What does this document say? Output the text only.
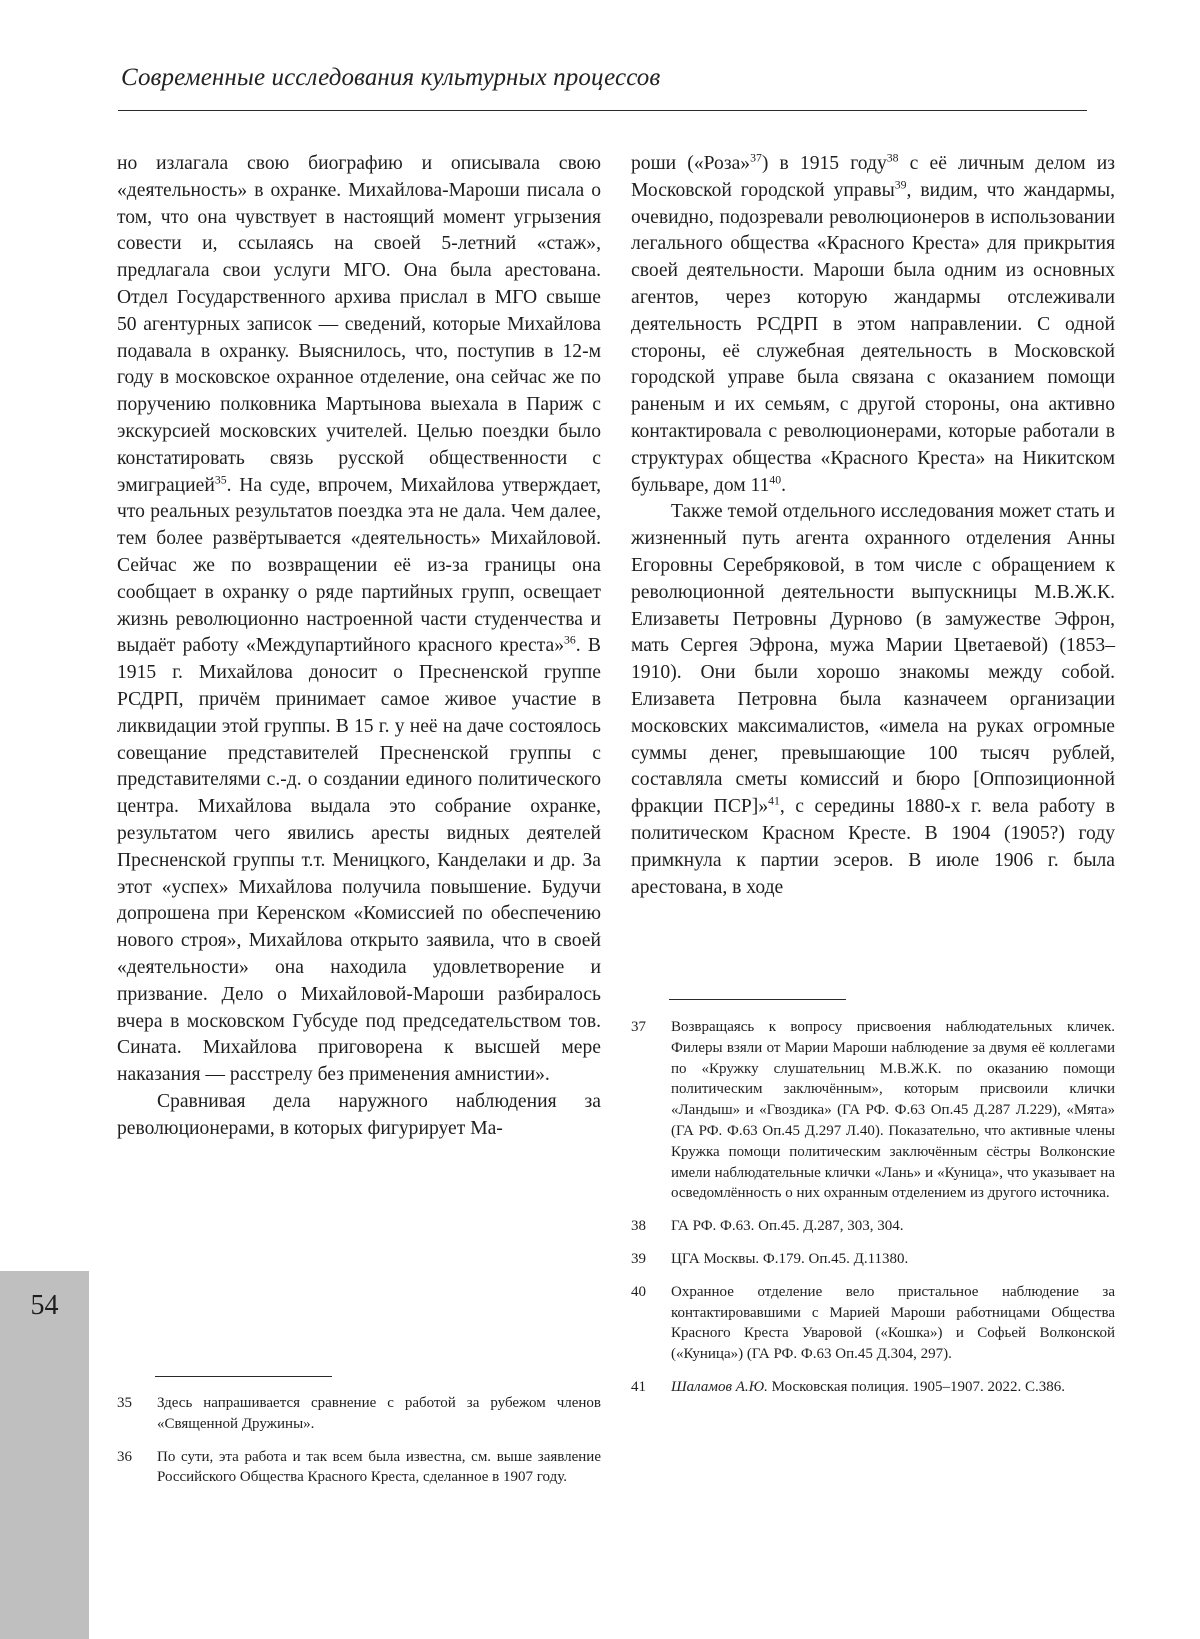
Современные исследования культурных процессов

но излагала свою биографию и описывала свою «деятельность» в охранке. Михайлова-Мароши писала о том, что она чувствует в настоящий момент угрызения совести и, ссылаясь на своей 5-летний «стаж», предлагала свои услуги МГО. Она была арестована. Отдел Государственного архива прислал в МГО свыше 50 агентурных записок — сведений, которые Михайлова подавала в охранку. Выяснилось, что, поступив в 12-м году в московское охранное отделение, она сейчас же по поручению полковника Мартынова выехала в Париж с экскурсией московских учителей. Целью поездки было констатировать связь русской общественности с эмиграцией$^{35}$. На суде, впрочем, Михайлова утверждает, что реальных результатов поездка эта не дала. Чем далее, тем более развёртывается «деятельность» Михайловой. Сейчас же по возвращении её из-за границы она сообщает в охранку о ряде партийных групп, освещает жизнь революционно настроенной части студенчества и выдаёт работу «Междупартийного красного креста»$^{36}$. В 1915 г. Михайлова доносит о Пресненской группе РСДРП, причём принимает самое живое участие в ликвидации этой группы. В 15 г. у неё на даче состоялось совещание представителей Пресненской группы с представителями с.-д. о создании единого политического центра. Михайлова выдала это собрание охранке, результатом чего явились аресты видных деятелей Пресненской группы т.т. Меницкого, Канделаки и др. За этот «успех» Михайлова получила повышение. Будучи допрошена при Керенском «Комиссией по обеспечению нового строя», Михайлова открыто заявила, что в своей «деятельности» она находила удовлетворение и призвание. Дело о Михайловой-Мароши разбиралось вчера в московском Губсуде под председательством тов. Сината. Михайлова приговорена к высшей мере наказания — расстрелу без применения амнистии».

Сравнивая дела наружного наблюдения за революционерами, в которых фигурирует Ма-

роши («Роза»$^{37}$) в 1915 году$^{38}$ с её личным делом из Московской городской управы$^{39}$, видим, что жандармы, очевидно, подозревали революционеров в использовании легального общества «Красного Креста» для прикрытия своей деятельности. Мароши была одним из основных агентов, через которую жандармы отслеживали деятельность РСДРП в этом направлении. С одной стороны, её служебная деятельность в Московской городской управе была связана с оказанием помощи раненым и их семьям, с другой стороны, она активно контактировала с революционерами, которые работали в структурах общества «Красного Креста» на Никитском бульваре, дом $11^{40}$.

Также темой отдельного исследования может стать и жизненный путь агента охранного отделения Анны Егоровны Серебряковой, в том числе с обращением к революционной деятельности выпускницы М.В.Ж.К. Елизаветы Петровны Дурново (в замужестве Эфрон, мать Сергея Эфрона, мужа Марии Цветаевой) (1853–1910). Они были хорошо знакомы между собой. Елизавета Петровна была казначеем организации московских максималистов, «имела на руках огромные суммы денег, превышающие 100 тысяч рублей, составляла сметы комиссий и бюро [Оппозиционной фракции ПСР]»$^{41}$, с середины 1880-х г. вела работу в политическом Красном Кресте. В 1904 (1905?) году примкнула к партии эсеров. В июле 1906 г. была арестована, в ходе

35 Здесь напрашивается сравнение с работой за рубежом членов «Священной Дружины».
36 По сути, эта работа и так всем была известна, см. выше заявление Российского Общества Красного Креста, сделанное в 1907 году.
37 Возвращаясь к вопросу присвоения наблюдательных кличек. Филеры взяли от Марии Мароши наблюдение за двумя её коллегами по «Кружку слушательниц М.В.Ж.К. по оказанию помощи политическим заключённым», которым присвоили клички «Ландыш» и «Гвоздика» (ГА РФ. Ф.63 Оп.45 Д.287 Л.229), «Мята» (ГА РФ. Ф.63 Оп.45 Д.297 Л.40). Показательно, что активные члены Кружка помощи политическим заключённым сёстры Волконские имели наблюдательные клички «Лань» и «Куница», что указывает на осведомлённость о них охранным отделением из другого источника.
38 ГА РФ. Ф.63. Оп.45. Д.287, 303, 304.
39 ЦГА Москвы. Ф.179. Оп.45. Д.11380.
40 Охранное отделение вело пристальное наблюдение за контактировавшими с Марией Мароши работницами Общества Красного Креста Уваровой («Кошка») и Софьей Волконской («Куница») (ГА РФ. Ф.63 Оп.45 Д.304, 297).
41 Шаламов А.Ю. Московская полиция. 1905–1907. 2022. С.386.
54
